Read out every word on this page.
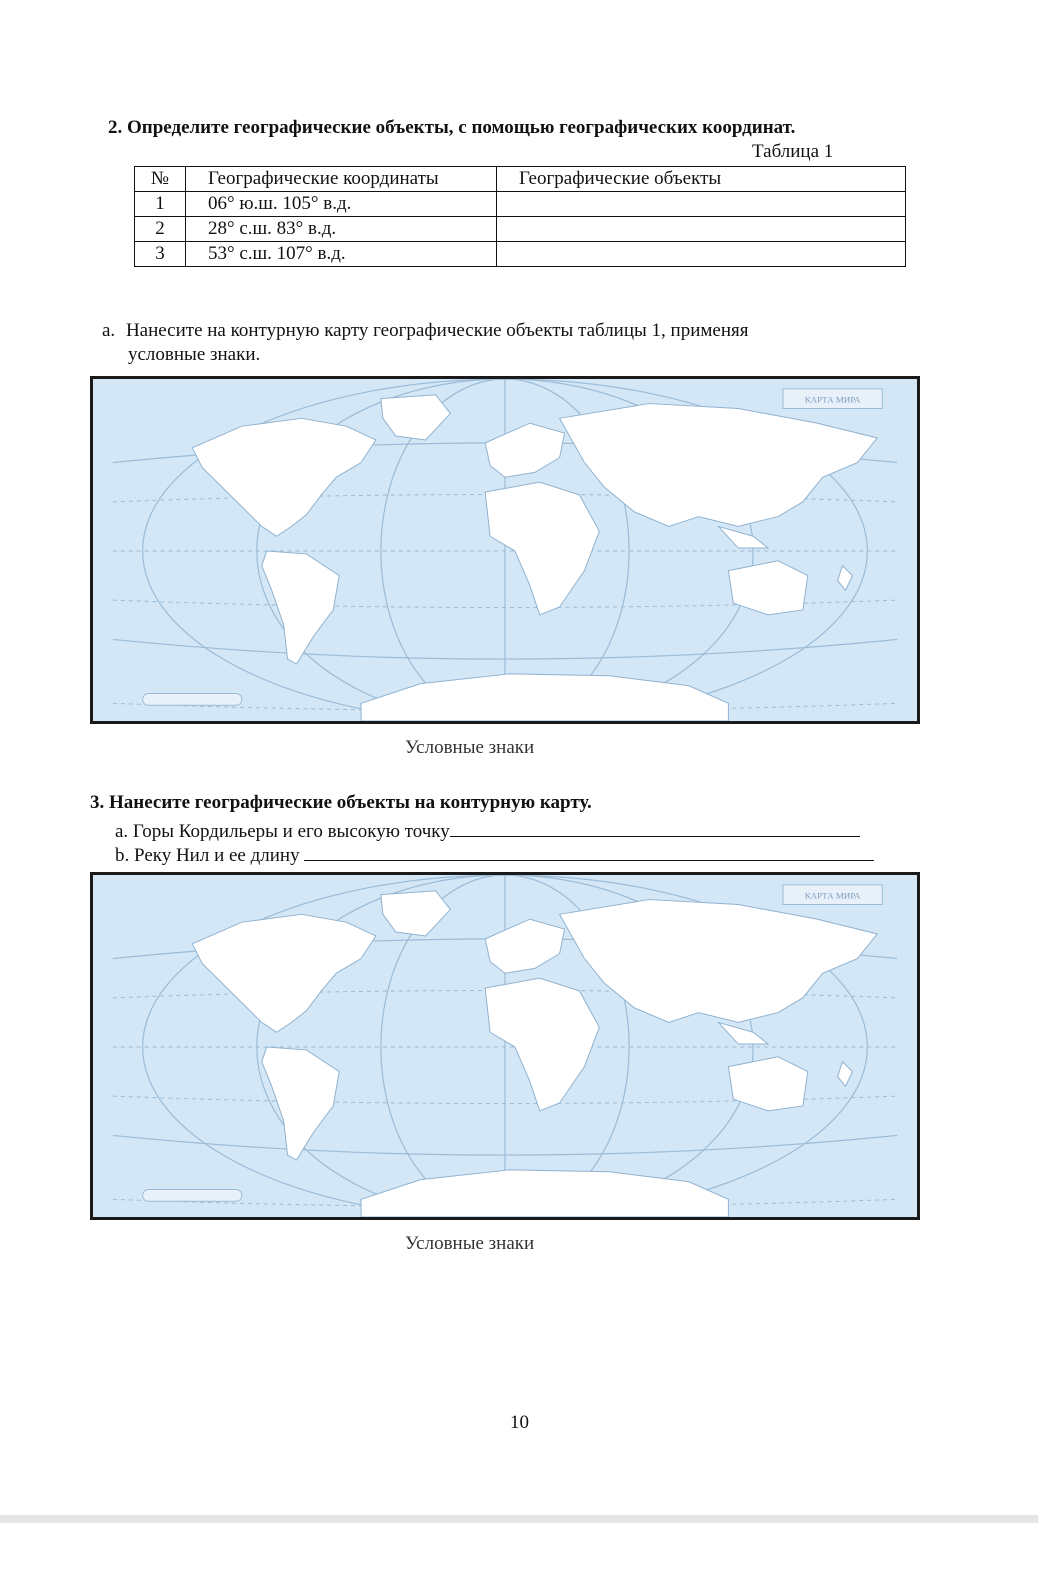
2. Определите географические объекты, с помощью географических координат.
Таблица 1
№	Географические координаты	Географические объекты
1	06° ю.ш. 105° в.д.	
2	28° с.ш. 83° в.д.	
3	53° с.ш. 107° в.д.	
a. Нанесите на контурную карту географические объекты таблицы 1, применяя
условные знаки.
КАРТА МИРА
Условные знаки
3. Нанесите географические объекты на контурную карту.
a. Горы Кордильеры и его высокую точку
b. Реку Нил и ее длину
КАРТА МИРА
Условные знаки
10
